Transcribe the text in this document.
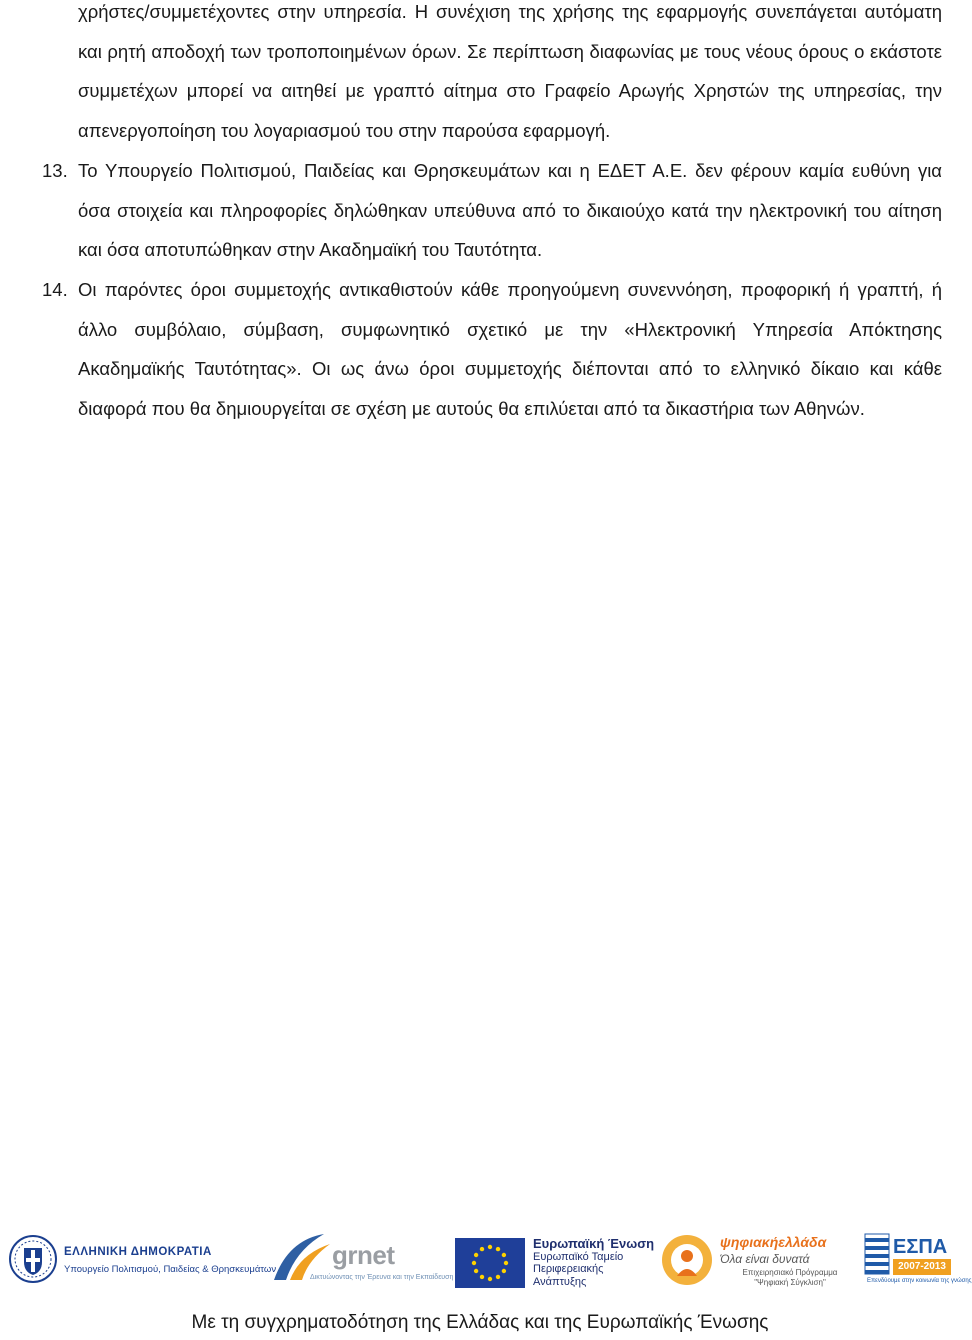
χρήστες/συμμετέχοντες στην υπηρεσία. Η συνέχιση της χρήσης της εφαρμογής συνεπάγεται αυτόματη και ρητή αποδοχή των τροποποιημένων όρων. Σε περίπτωση διαφωνίας με τους νέους όρους ο εκάστοτε συμμετέχων μπορεί να αιτηθεί με γραπτό αίτημα στο Γραφείο Αρωγής Χρηστών της υπηρεσίας, την απενεργοποίηση του λογαριασμού του στην παρούσα εφαρμογή.

13. Το Υπουργείο Πολιτισμού, Παιδείας και Θρησκευμάτων και η ΕΔΕΤ Α.Ε. δεν φέρουν καμία ευθύνη για όσα στοιχεία και πληροφορίες δηλώθηκαν υπεύθυνα από το δικαιούχο κατά την ηλεκτρονική του αίτηση και όσα αποτυπώθηκαν στην Ακαδημαϊκή του Ταυτότητα.
14. Οι παρόντες όροι συμμετοχής αντικαθιστούν κάθε προηγούμενη συνεννόηση, προφορική ή γραπτή, ή άλλο συμβόλαιο, σύμβαση, συμφωνητικό σχετικό με την «Ηλεκτρονική Υπηρεσία Απόκτησης Ακαδημαϊκής Ταυτότητας». Οι ως άνω όροι συμμετοχής διέπονται από το ελληνικό δίκαιο και κάθε διαφορά που θα δημιουργείται σε σχέση με αυτούς θα επιλύεται από τα δικαστήρια των Αθηνών.
ΕΛΛΗΝΙΚΗ ΔΗΜΟΚΡΑΤΙΑ
Υπουργείο Πολιτισμού, Παιδείας & Θρησκευμάτων grnet
Δικτυώνοντας την Έρευνα και την Εκπαίδευση
Ευρωπαϊκή Ένωση
Ευρωπαϊκό Ταμείο
Περιφερειακής
Ανάπτυξης
ψηφιακήελλάδα
Όλα είναι δυνατά
Επιχειρησιακό Πρόγραμμα
"Ψηφιακή Σύγκλιση"
ΕΣΠΑ
2007-2013
Επενδύουμε στην κοινωνία της γνώσης
Με τη συγχρηματοδότηση της Ελλάδας και της Ευρωπαϊκής Ένωσης
